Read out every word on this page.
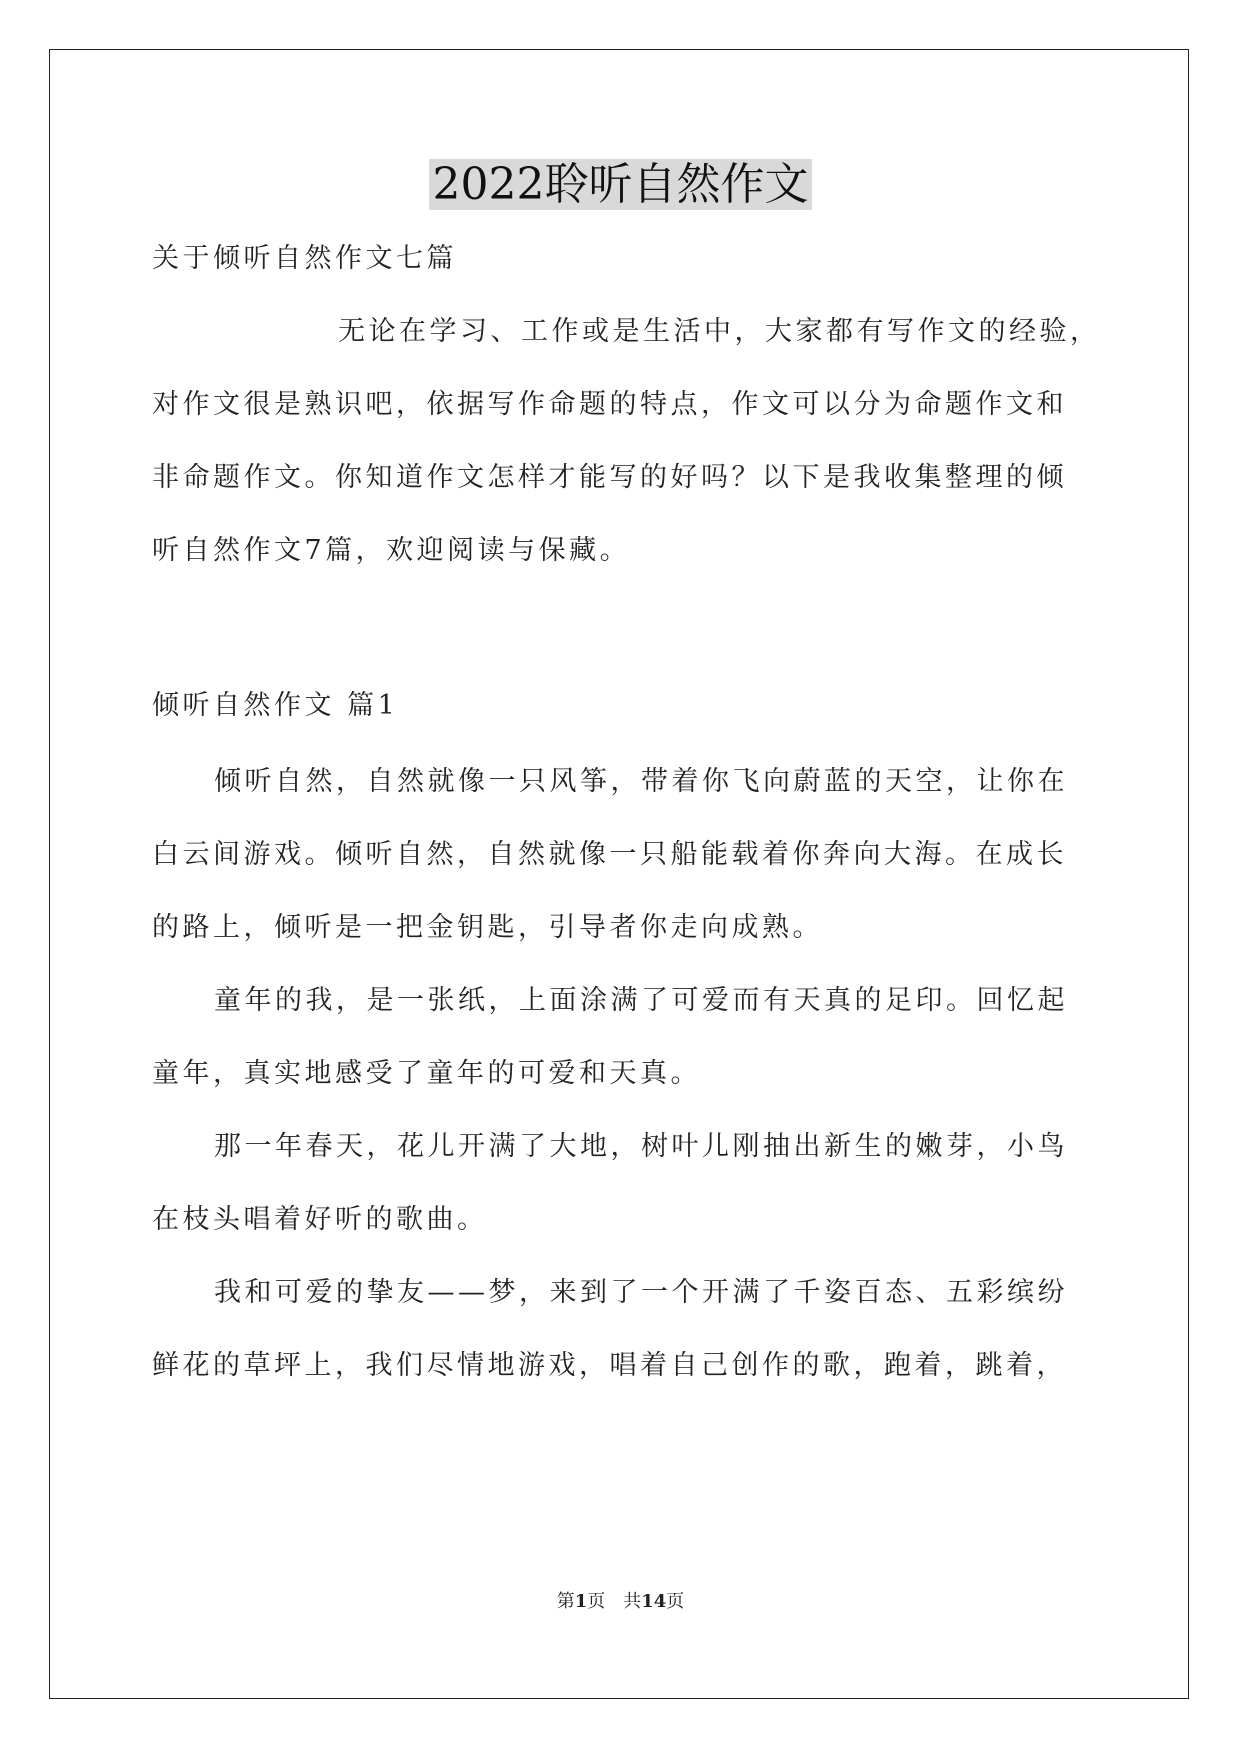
2022聆听自然作文

关于倾听自然作文七篇

无论在学习、工作或是生活中，大家都有写作文的经验，

对作文很是熟识吧，依据写作命题的特点，作文可以分为命题作文和

非命题作文。你知道作文怎样才能写的好吗？以下是我收集整理的倾

听自然作文7篇，欢迎阅读与保藏。

倾听自然作文 篇1

倾听自然，自然就像一只风筝，带着你飞向蔚蓝的天空，让你在

白云间游戏。倾听自然，自然就像一只船能载着你奔向大海。在成长

的路上，倾听是一把金钥匙，引导者你走向成熟。

童年的我，是一张纸，上面涂满了可爱而有天真的足印。回忆起

童年，真实地感受了童年的可爱和天真。

那一年春天，花儿开满了大地，树叶儿刚抽出新生的嫩芽，小鸟

在枝头唱着好听的歌曲。

我和可爱的挚友——梦，来到了一个开满了千姿百态、五彩缤纷

鲜花的草坪上，我们尽情地游戏，唱着自己创作的歌，跑着，跳着，

第1页　共14页
